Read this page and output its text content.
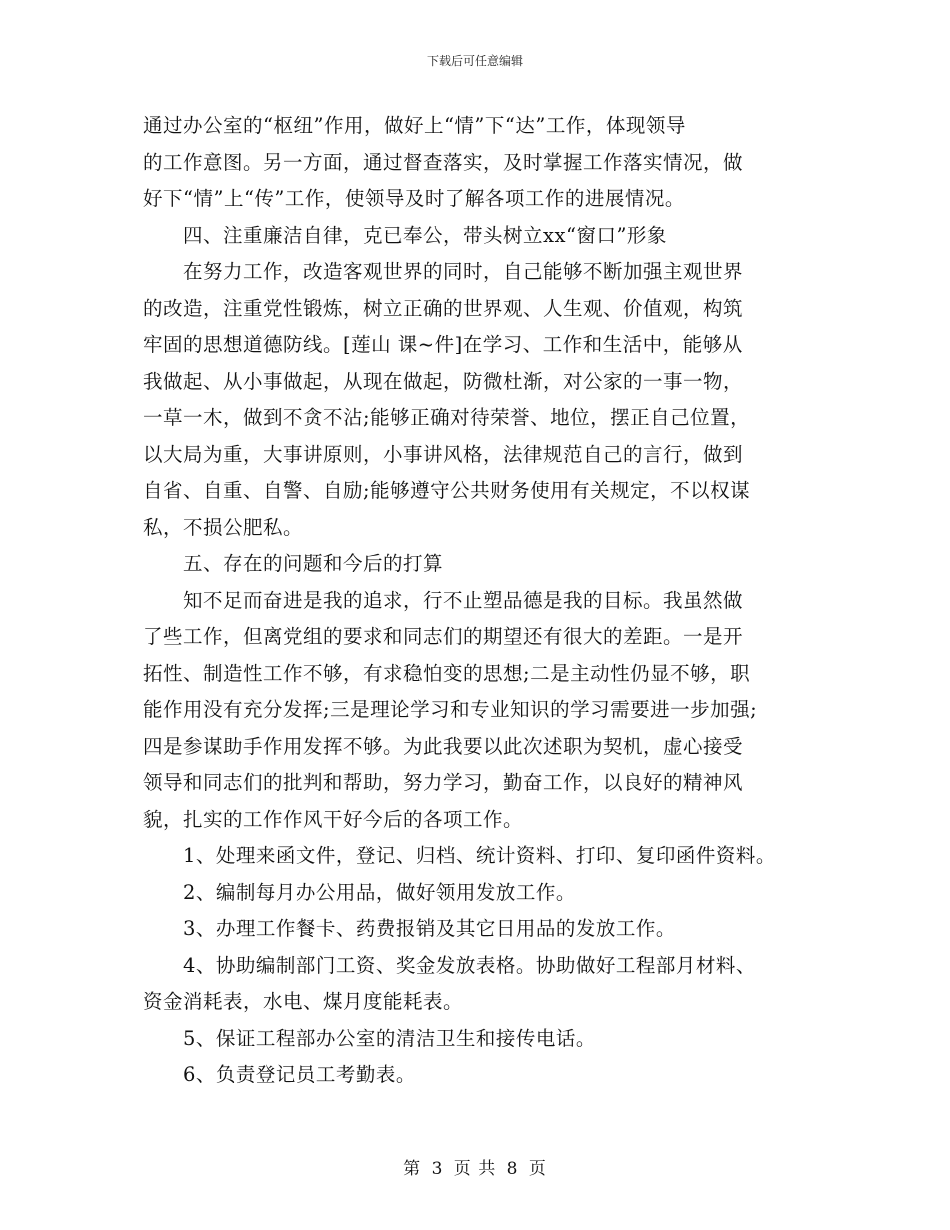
下载后可任意编辑
通过办公室的“枢纽”作用，做好上“情”下“达”工作，体现领导
的工作意图。另一方面，通过督查落实，及时掌握工作落实情况，做
好下“情”上“传”工作，使领导及时了解各项工作的进展情况。
四、注重廉洁自律，克已奉公，带头树立xx“窗口”形象
在努力工作，改造客观世界的同时，自己能够不断加强主观世界
的改造，注重党性锻炼，树立正确的世界观、人生观、价值观，构筑
牢固的思想道德防线。[莲山 课~件]在学习、工作和生活中，能够从
我做起、从小事做起，从现在做起，防微杜渐，对公家的一事一物，
一草一木，做到不贪不沾;能够正确对待荣誉、地位，摆正自己位置，
以大局为重，大事讲原则，小事讲风格，法律规范自己的言行，做到
自省、自重、自警、自励;能够遵守公共财务使用有关规定，不以权谋
私，不损公肥私。
五、存在的问题和今后的打算
知不足而奋进是我的追求，行不止塑品德是我的目标。我虽然做
了些工作，但离党组的要求和同志们的期望还有很大的差距。一是开
拓性、制造性工作不够，有求稳怕变的思想;二是主动性仍显不够，职
能作用没有充分发挥;三是理论学习和专业知识的学习需要进一步加强;
四是参谋助手作用发挥不够。为此我要以此次述职为契机，虚心接受
领导和同志们的批判和帮助，努力学习，勤奋工作，以良好的精神风
貌，扎实的工作作风干好今后的各项工作。
1、处理来函文件，登记、归档、统计资料、打印、复印函件资料。
2、编制每月办公用品，做好领用发放工作。
3、办理工作餐卡、药费报销及其它日用品的发放工作。
4、协助编制部门工资、奖金发放表格。协助做好工程部月材料、
资金消耗表，水电、煤月度能耗表。
5、保证工程部办公室的清洁卫生和接传电话。
6、负责登记员工考勤表。
第 3 页 共 8 页
